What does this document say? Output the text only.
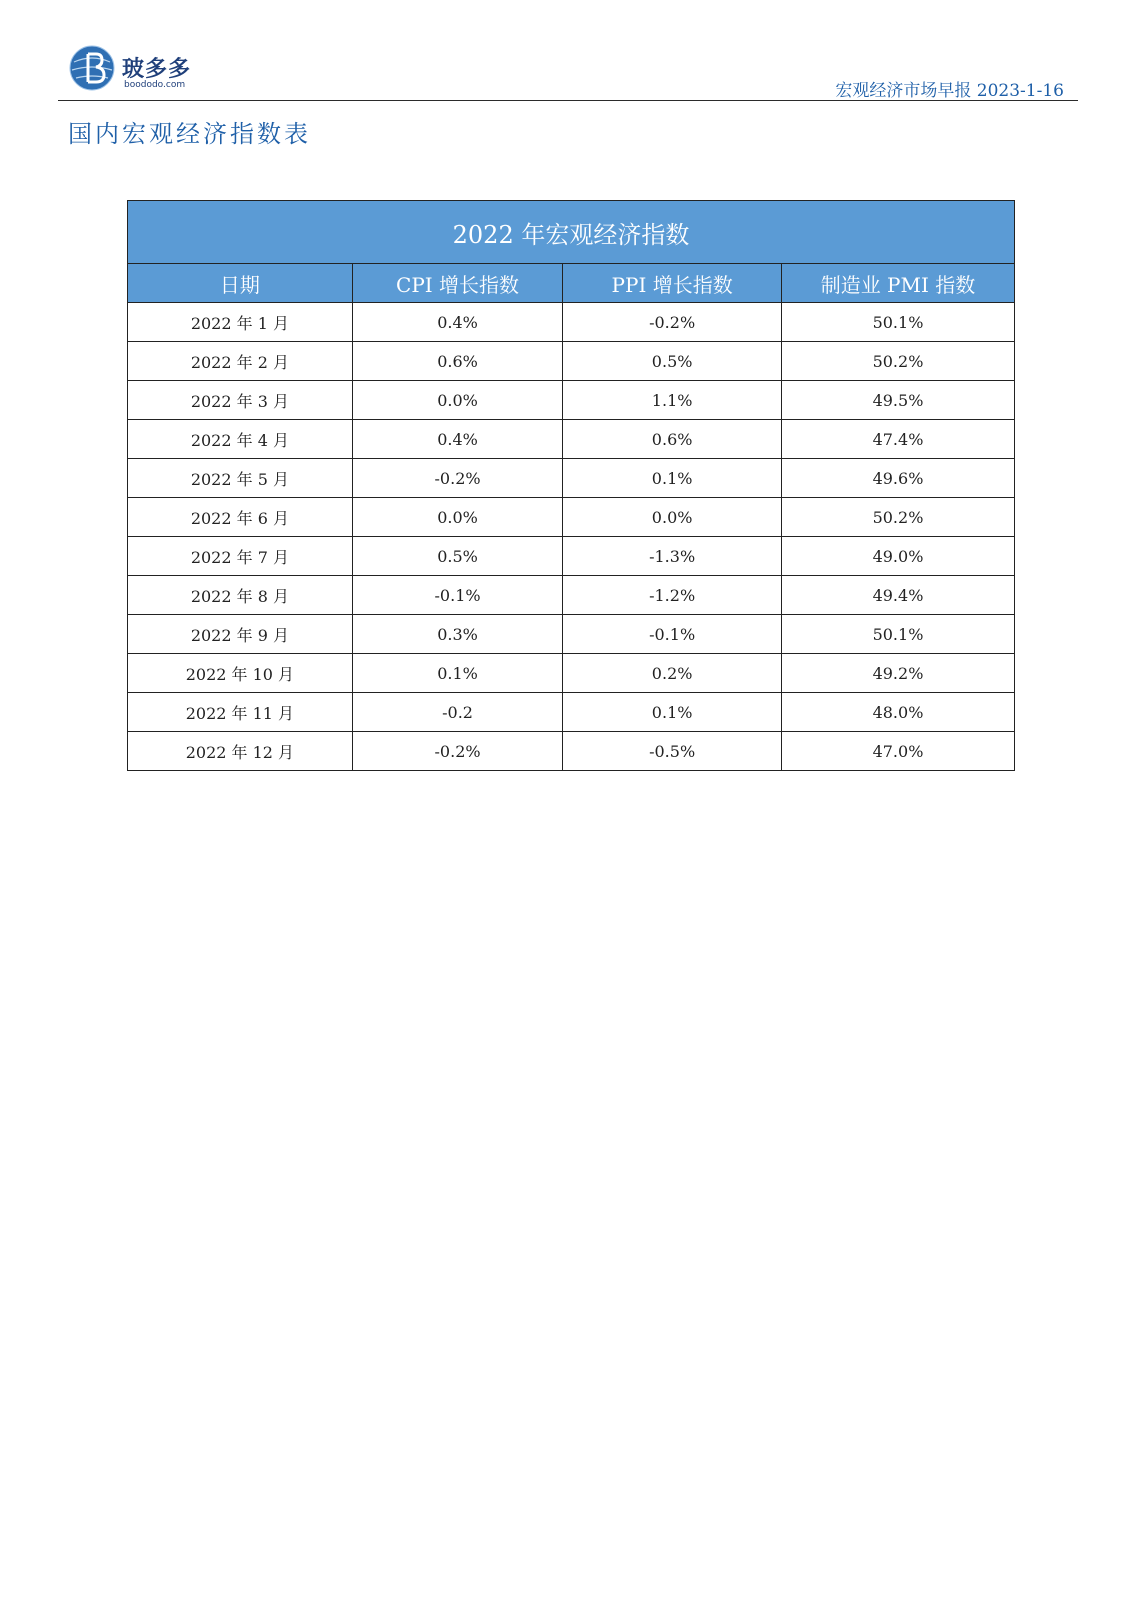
玻多多
boododo.com	宏观经济市场早报 2023-1-16
国内宏观经济指数表
2022 年宏观经济指数			
日期	CPI 增长指数	PPI 增长指数	制造业 PMI 指数
2022 年 1 月	0.4%	-0.2%	50.1%
2022 年 2 月	0.6%	0.5%	50.2%
2022 年 3 月	0.0%	1.1%	49.5%
2022 年 4 月	0.4%	0.6%	47.4%
2022 年 5 月	-0.2%	0.1%	49.6%
2022 年 6 月	0.0%	0.0%	50.2%
2022 年 7 月	0.5%	-1.3%	49.0%
2022 年 8 月	-0.1%	-1.2%	49.4%
2022 年 9 月	0.3%	-0.1%	50.1%
2022 年 10 月	0.1%	0.2%	49.2%
2022 年 11 月	-0.2	0.1%	48.0%
2022 年 12 月	-0.2%	-0.5%	47.0%
